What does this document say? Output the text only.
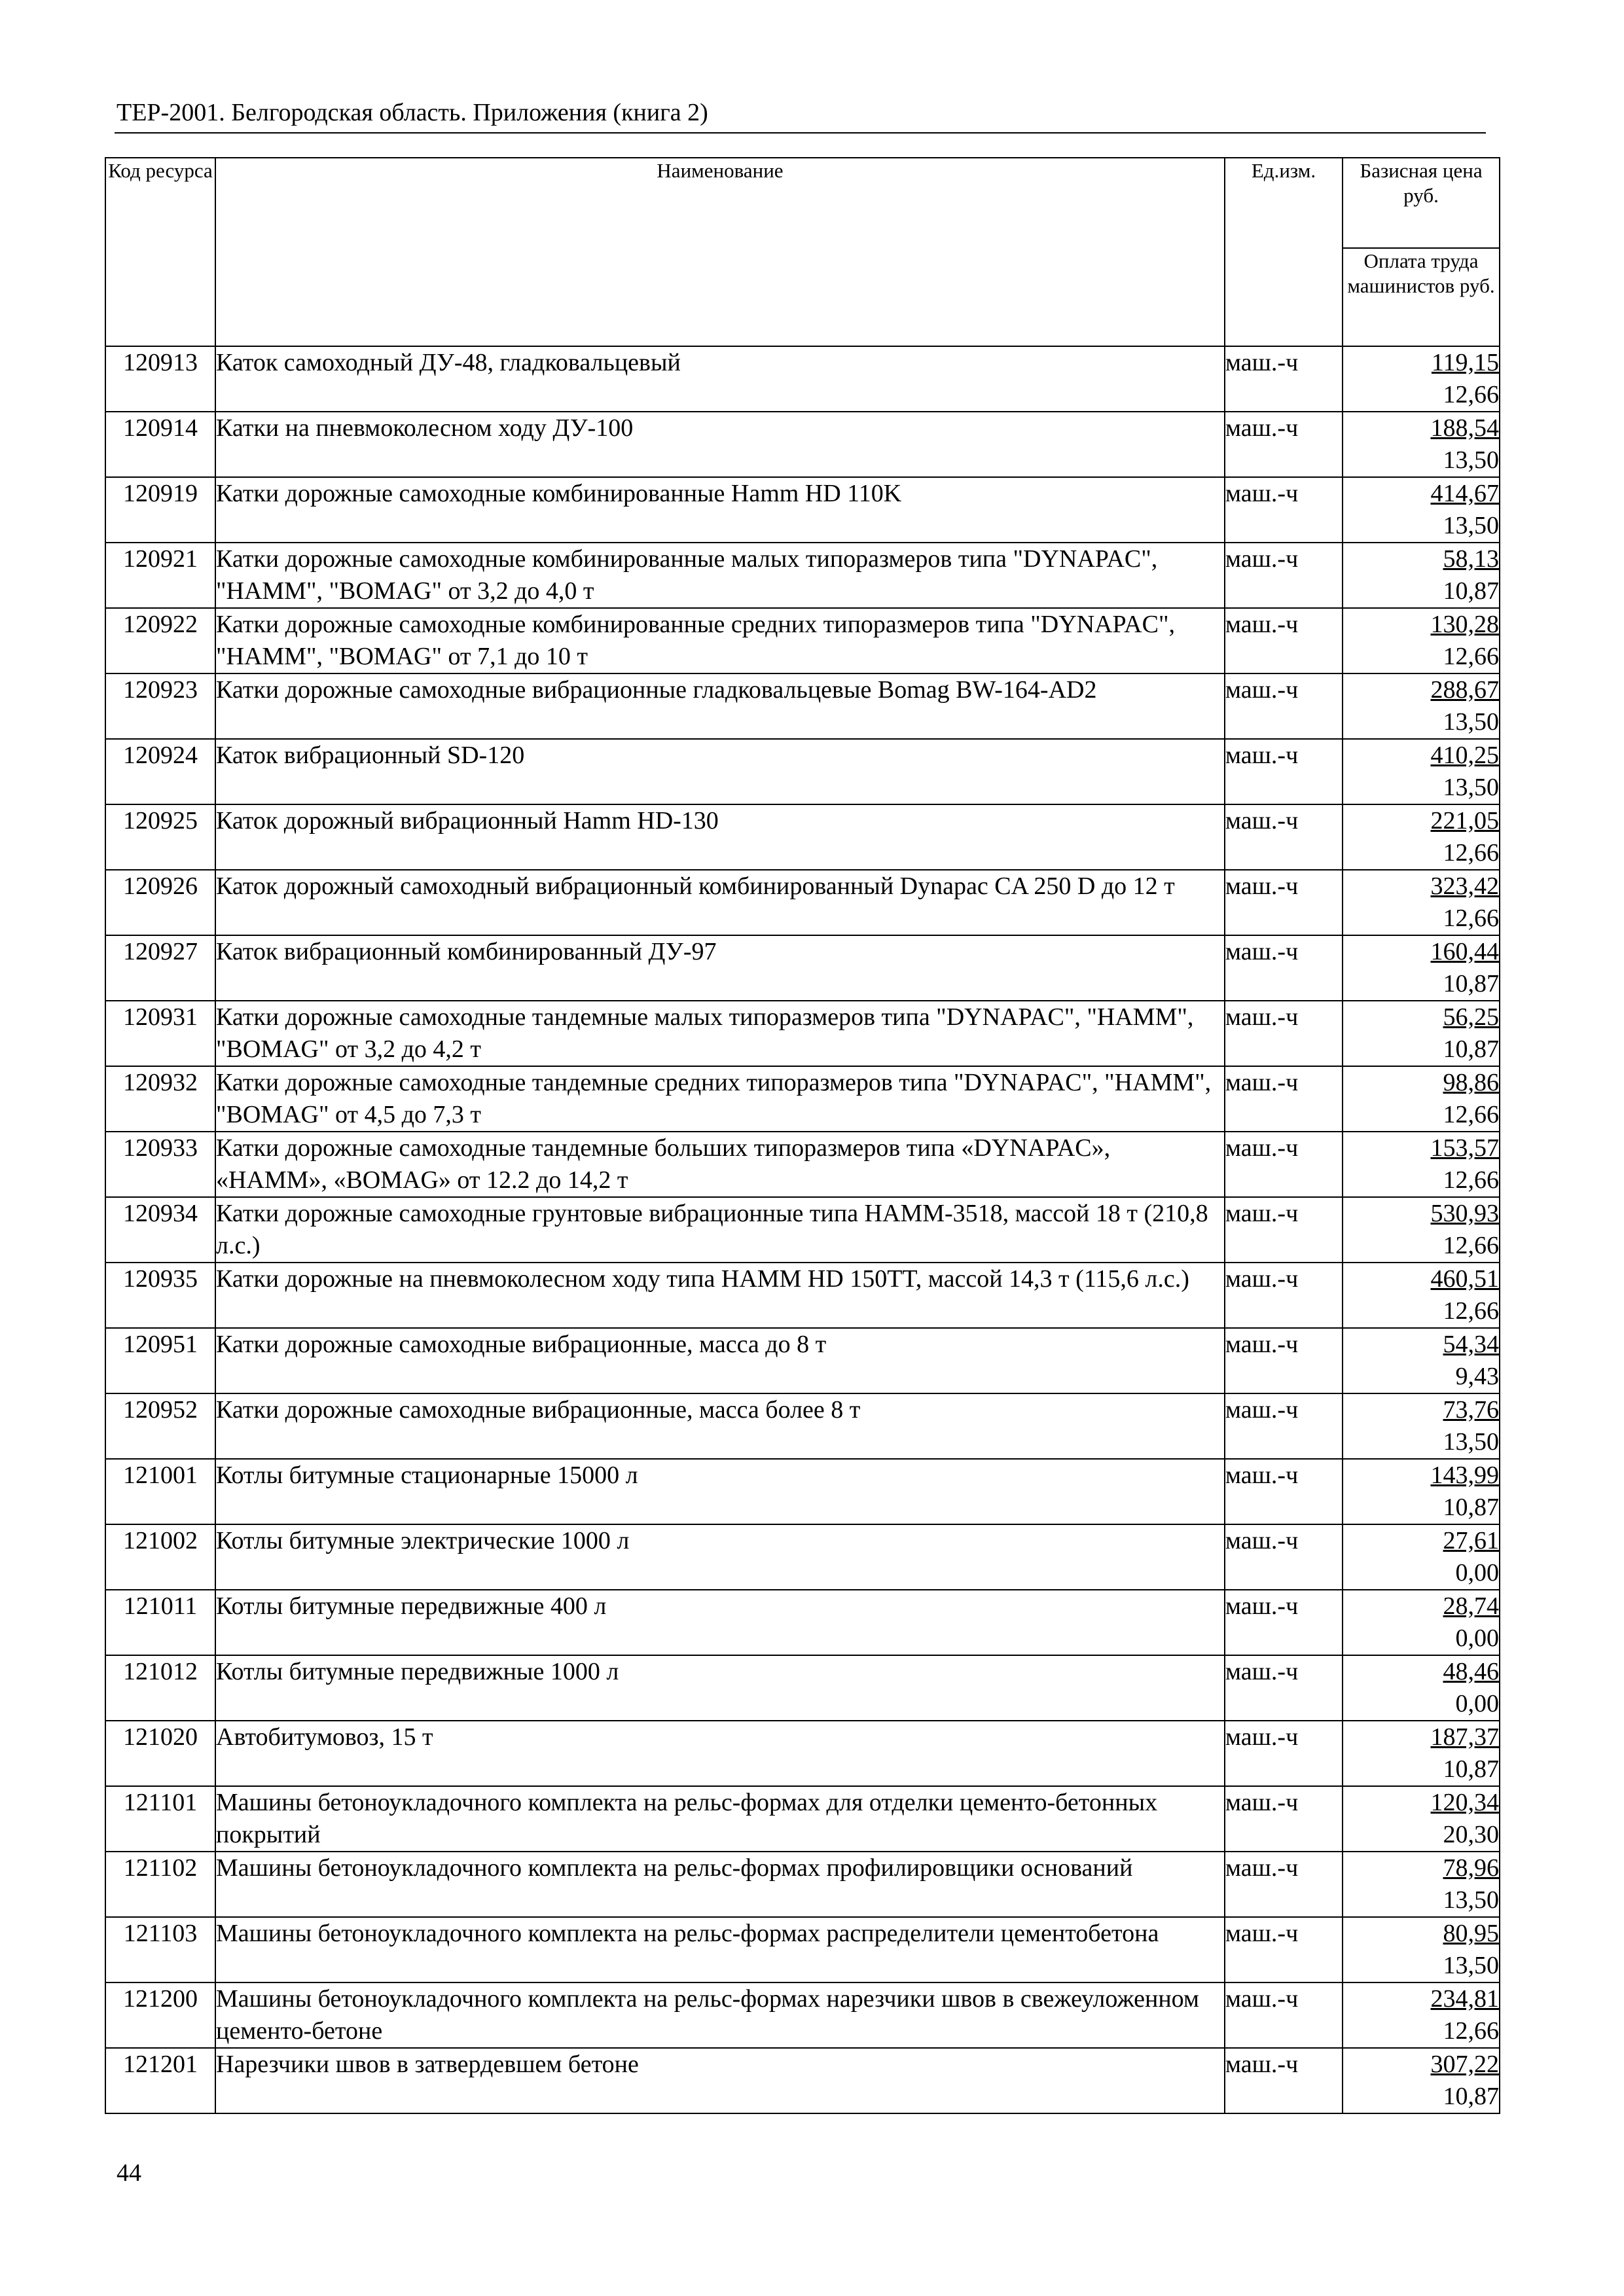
ТЕР-2001. Белгородская область. Приложения (книга 2)
Код ресурса	Наименование	Ед.изм.	Базисная цена руб.

			Оплата труда машинистов руб.

120913	Каток самоходный ДУ-48, гладковальцевый	маш.-ч	119,15
12,66

120914	Катки на пневмоколесном ходу ДУ-100	маш.-ч	188,54
13,50

120919	Катки дорожные самоходные комбинированные Hamm HD 110K	маш.-ч	414,67
13,50

120921	Катки дорожные самоходные комбинированные малых типоразмеров типа "DYNAPAC", "HAMM", "BOMAG" от 3,2 до 4,0 т	маш.-ч	58,13
10,87

120922	Катки дорожные самоходные комбинированные средних типоразмеров типа "DYNAPAC", "HAMM", "BOMAG" от 7,1 до 10 т	маш.-ч	130,28
12,66

120923	Катки дорожные самоходные вибрационные гладковальцевые Bomag BW-164-AD2	маш.-ч	288,67
13,50

120924	Каток вибрационный SD-120	маш.-ч	410,25
13,50

120925	Каток дорожный вибрационный Hamm HD-130	маш.-ч	221,05
12,66

120926	Каток дорожный самоходный вибрационный комбинированный Dynapac CA 250 D до 12 т	маш.-ч	323,42
12,66

120927	Каток вибрационный комбинированный ДУ-97	маш.-ч	160,44
10,87

120931	Катки дорожные самоходные тандемные малых типоразмеров типа "DYNAPAC", "HAMM", "BOMAG" от 3,2 до 4,2 т	маш.-ч	56,25
10,87

120932	Катки дорожные самоходные тандемные средних типоразмеров типа "DYNAPAC", "HAMM", "BOMAG" от 4,5 до 7,3 т	маш.-ч	98,86
12,66

120933	Катки дорожные самоходные тандемные больших типоразмеров типа «DYNAPAC», «HAMM», «BOMAG» от 12.2 до 14,2 т	маш.-ч	153,57
12,66

120934	Катки дорожные самоходные грунтовые вибрационные типа HAMM-3518, массой 18 т (210,8 л.с.)	маш.-ч	530,93
12,66

120935	Катки дорожные на пневмоколесном ходу типа HAMM HD 150TT, массой 14,3 т (115,6 л.с.)	маш.-ч	460,51
12,66

120951	Катки дорожные самоходные вибрационные, масса до 8 т	маш.-ч	54,34
9,43

120952	Катки дорожные самоходные вибрационные, масса более 8 т	маш.-ч	73,76
13,50

121001	Котлы битумные стационарные 15000 л	маш.-ч	143,99
10,87

121002	Котлы битумные электрические 1000 л	маш.-ч	27,61
0,00

121011	Котлы битумные передвижные 400 л	маш.-ч	28,74
0,00

121012	Котлы битумные передвижные 1000 л	маш.-ч	48,46
0,00

121020	Автобитумовоз, 15 т	маш.-ч	187,37
10,87

121101	Машины бетоноукладочного комплекта на рельс-формах для отделки цементо-бетонных покрытий	маш.-ч	120,34
20,30

121102	Машины бетоноукладочного комплекта на рельс-формах профилировщики оснований	маш.-ч	78,96
13,50

121103	Машины бетоноукладочного комплекта на рельс-формах распределители цементобетона	маш.-ч	80,95
13,50

121200	Машины бетоноукладочного комплекта на рельс-формах нарезчики швов в свежеуложенном цементо-бетоне	маш.-ч	234,81
12,66

121201	Нарезчики швов в затвердевшем бетоне	маш.-ч	307,22
10,87
44
